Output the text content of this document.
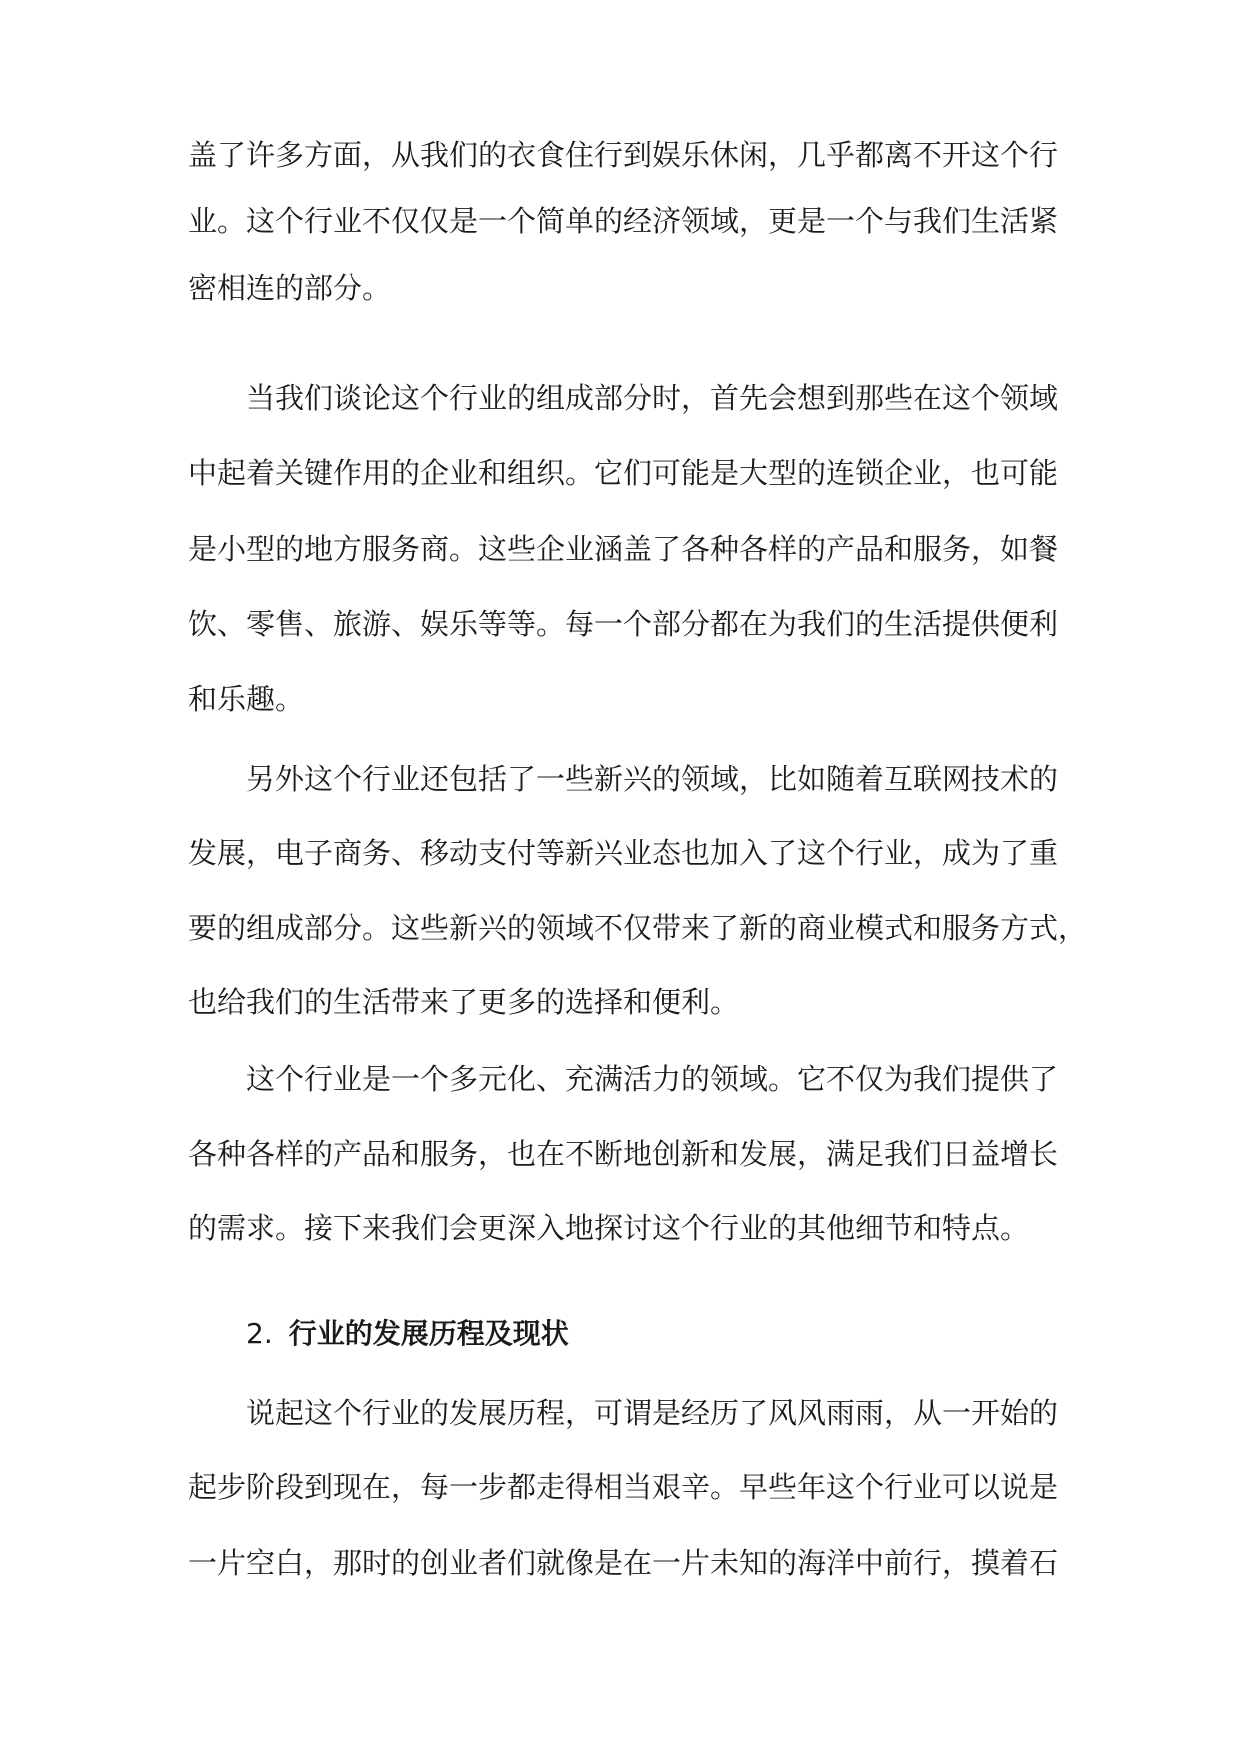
盖了许多方面，从我们的衣食住行到娱乐休闲，几乎都离不开这个行
业。这个行业不仅仅是一个简单的经济领域，更是一个与我们生活紧
密相连的部分。
当我们谈论这个行业的组成部分时，首先会想到那些在这个领域
中起着关键作用的企业和组织。它们可能是大型的连锁企业，也可能
是小型的地方服务商。这些企业涵盖了各种各样的产品和服务，如餐
饮、零售、旅游、娱乐等等。每一个部分都在为我们的生活提供便利
和乐趣。
另外这个行业还包括了一些新兴的领域，比如随着互联网技术的
发展，电子商务、移动支付等新兴业态也加入了这个行业，成为了重
要的组成部分。这些新兴的领域不仅带来了新的商业模式和服务方式，
也给我们的生活带来了更多的选择和便利。
这个行业是一个多元化、充满活力的领域。它不仅为我们提供了
各种各样的产品和服务，也在不断地创新和发展，满足我们日益增长
的需求。接下来我们会更深入地探讨这个行业的其他细节和特点。
2. 行业的发展历程及现状
说起这个行业的发展历程，可谓是经历了风风雨雨，从一开始的
起步阶段到现在，每一步都走得相当艰辛。早些年这个行业可以说是
一片空白，那时的创业者们就像是在一片未知的海洋中前行，摸着石
